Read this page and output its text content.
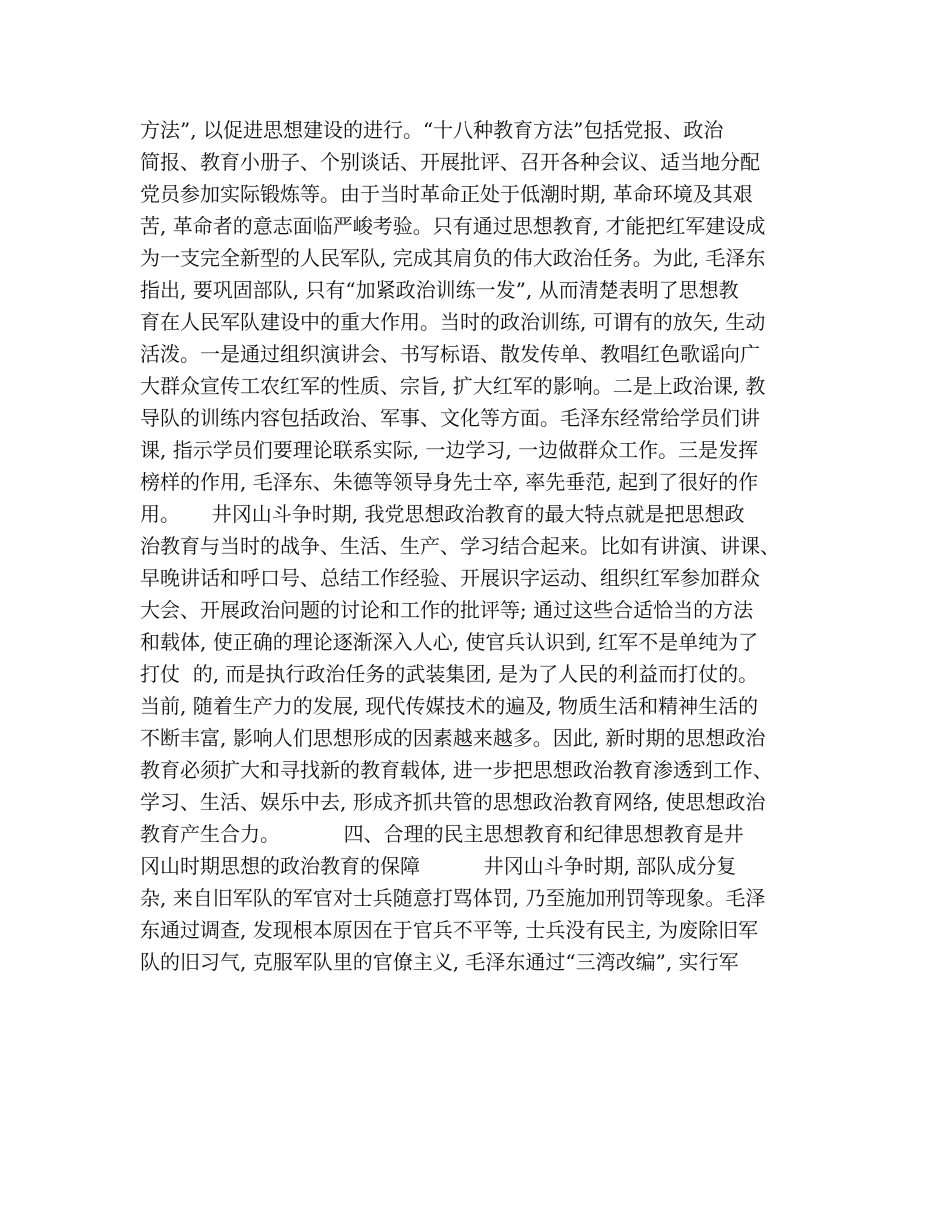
方法”, 以促进思想建设的进行。“十八种教育方法”包括党报、政治
简报、教育小册子、个别谈话、开展批评、召开各种会议、适当地分配
党员参加实际锻炼等。由于当时革命正处于低潮时期, 革命环境及其艰
苦, 革命者的意志面临严峻考验。只有通过思想教育, 才能把红军建设成
为一支完全新型的人民军队, 完成其肩负的伟大政治任务。为此, 毛泽东
指出, 要巩固部队, 只有“加紧政治训练一发”, 从而清楚表明了思想教
育在人民军队建设中的重大作用。当时的政治训练, 可谓有的放矢, 生动
活泼。一是通过组织演讲会、书写标语、散发传单、教唱红色歌谣向广
大群众宣传工农红军的性质、宗旨, 扩大红军的影响。二是上政治课, 教
导队的训练内容包括政治、军事、文化等方面。毛泽东经常给学员们讲
课, 指示学员们要理论联系实际, 一边学习, 一边做群众工作。三是发挥
榜样的作用, 毛泽东、朱德等领导身先士卒, 率先垂范, 起到了很好的作
用。     井冈山斗争时期, 我党思想政治教育的最大特点就是把思想政
治教育与当时的战争、生活、生产、学习结合起来。比如有讲演、讲课、
早晚讲话和呼口号、总结工作经验、开展识字运动、组织红军参加群众
大会、开展政治问题的讨论和工作的批评等; 通过这些合适恰当的方法
和载体, 使正确的理论逐渐深入人心, 使官兵认识到, 红军不是单纯为了
打仗  的, 而是执行政治任务的武装集团, 是为了人民的利益而打仗的。
当前, 随着生产力的发展, 现代传媒技术的遍及, 物质生活和精神生活的
不断丰富, 影响人们思想形成的因素越来越多。因此, 新时期的思想政治
教育必须扩大和寻找新的教育载体, 进一步把思想政治教育渗透到工作、
学习、生活、娱乐中去, 形成齐抓共管的思想政治教育网络, 使思想政治
教育产生合力。          四、合理的民主思想教育和纪律思想教育是井
冈山时期思想的政治教育的保障          井冈山斗争时期, 部队成分复
杂, 来自旧军队的军官对士兵随意打骂体罚, 乃至施加刑罚等现象。毛泽
东通过调查, 发现根本原因在于官兵不平等, 士兵没有民主, 为废除旧军
队的旧习气, 克服军队里的官僚主义, 毛泽东通过“三湾改编”, 实行军
